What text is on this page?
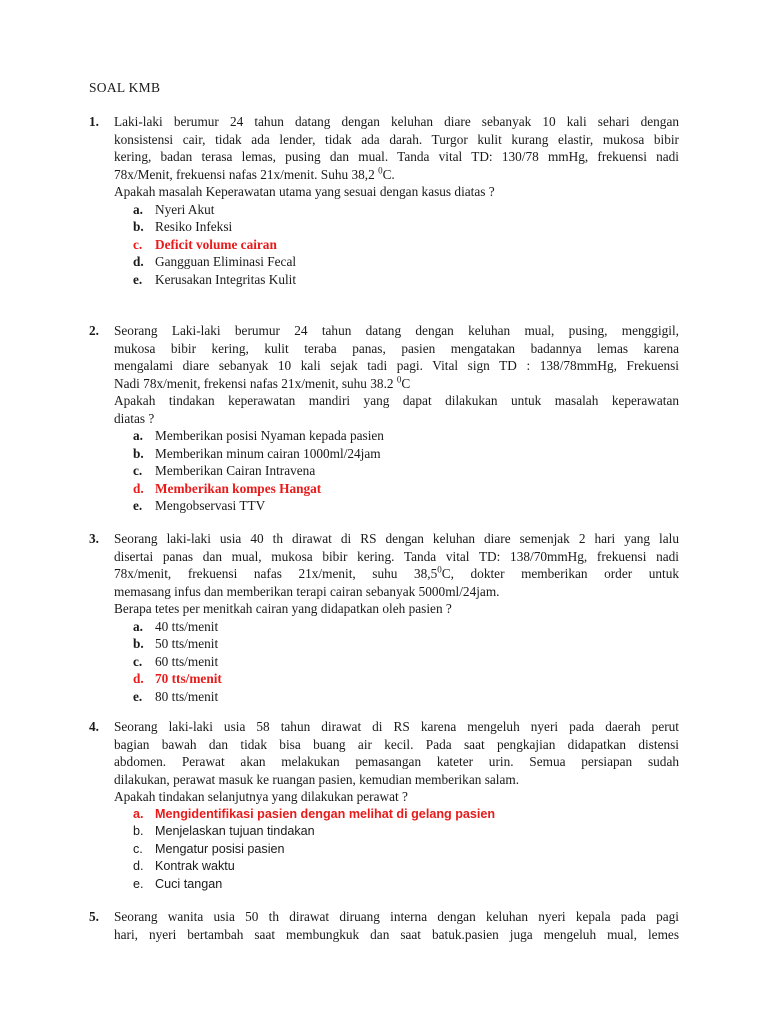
SOAL KMB
1. Laki-laki berumur 24 tahun datang dengan keluhan diare sebanyak 10 kali sehari dengan
konsistensi cair, tidak ada lender, tidak ada darah. Turgor kulit kurang elastir, mukosa bibir
kering, badan terasa lemas, pusing dan mual. Tanda vital TD: 130/78 mmHg, frekuensi nadi
78x/Menit, frekuensi nafas 21x/menit. Suhu 38,2 $^0$C.
Apakah masalah Keperawatan utama yang sesuai dengan kasus diatas ?
a. Nyeri Akut
b. Resiko Infeksi
c. Deficit volume cairan
d. Gangguan Eliminasi Fecal
e. Kerusakan Integritas Kulit
2. Seorang Laki-laki berumur 24 tahun datang dengan keluhan mual, pusing, menggigil,
mukosa bibir kering, kulit teraba panas, pasien mengatakan badannya lemas karena
mengalami diare sebanyak 10 kali sejak tadi pagi. Vital sign TD : 138/78mmHg, Frekuensi
Nadi 78x/menit, frekensi nafas 21x/menit, suhu 38.2 $^0$C
Apakah tindakan keperawatan mandiri yang dapat dilakukan untuk masalah keperawatan
diatas ?
a. Memberikan posisi Nyaman kepada pasien
b. Memberikan minum cairan 1000ml/24jam
c. Memberikan Cairan Intravena
d. Memberikan kompes Hangat
e. Mengobservasi TTV
3. Seorang laki-laki usia 40 th dirawat di RS dengan keluhan diare semenjak 2 hari yang lalu
disertai panas dan mual, mukosa bibir kering. Tanda vital TD: 138/70mmHg, frekuensi nadi
78x/menit, frekuensi nafas 21x/menit, suhu 38,5$^0$C, dokter memberikan order untuk
memasang infus dan memberikan terapi cairan sebanyak 5000ml/24jam.
Berapa tetes per menitkah cairan yang didapatkan oleh pasien ?
a. 40 tts/menit
b. 50 tts/menit
c. 60 tts/menit
d. 70 tts/menit
e. 80 tts/menit
4. Seorang laki-laki usia 58 tahun dirawat di RS karena mengeluh nyeri pada daerah perut
bagian bawah dan tidak bisa buang air kecil. Pada saat pengkajian didapatkan distensi
abdomen. Perawat akan melakukan pemasangan kateter urin. Semua persiapan sudah
dilakukan, perawat masuk ke ruangan pasien, kemudian memberikan salam.
Apakah tindakan selanjutnya yang dilakukan perawat ?
a. Mengidentifikasi pasien dengan melihat di gelang pasien
b. Menjelaskan tujuan tindakan
c. Mengatur posisi pasien
d. Kontrak waktu
e. Cuci tangan
5. Seorang wanita usia 50 th dirawat diruang interna dengan keluhan nyeri kepala pada pagi
hari, nyeri bertambah saat membungkuk dan saat batuk.pasien juga mengeluh mual, lemes
